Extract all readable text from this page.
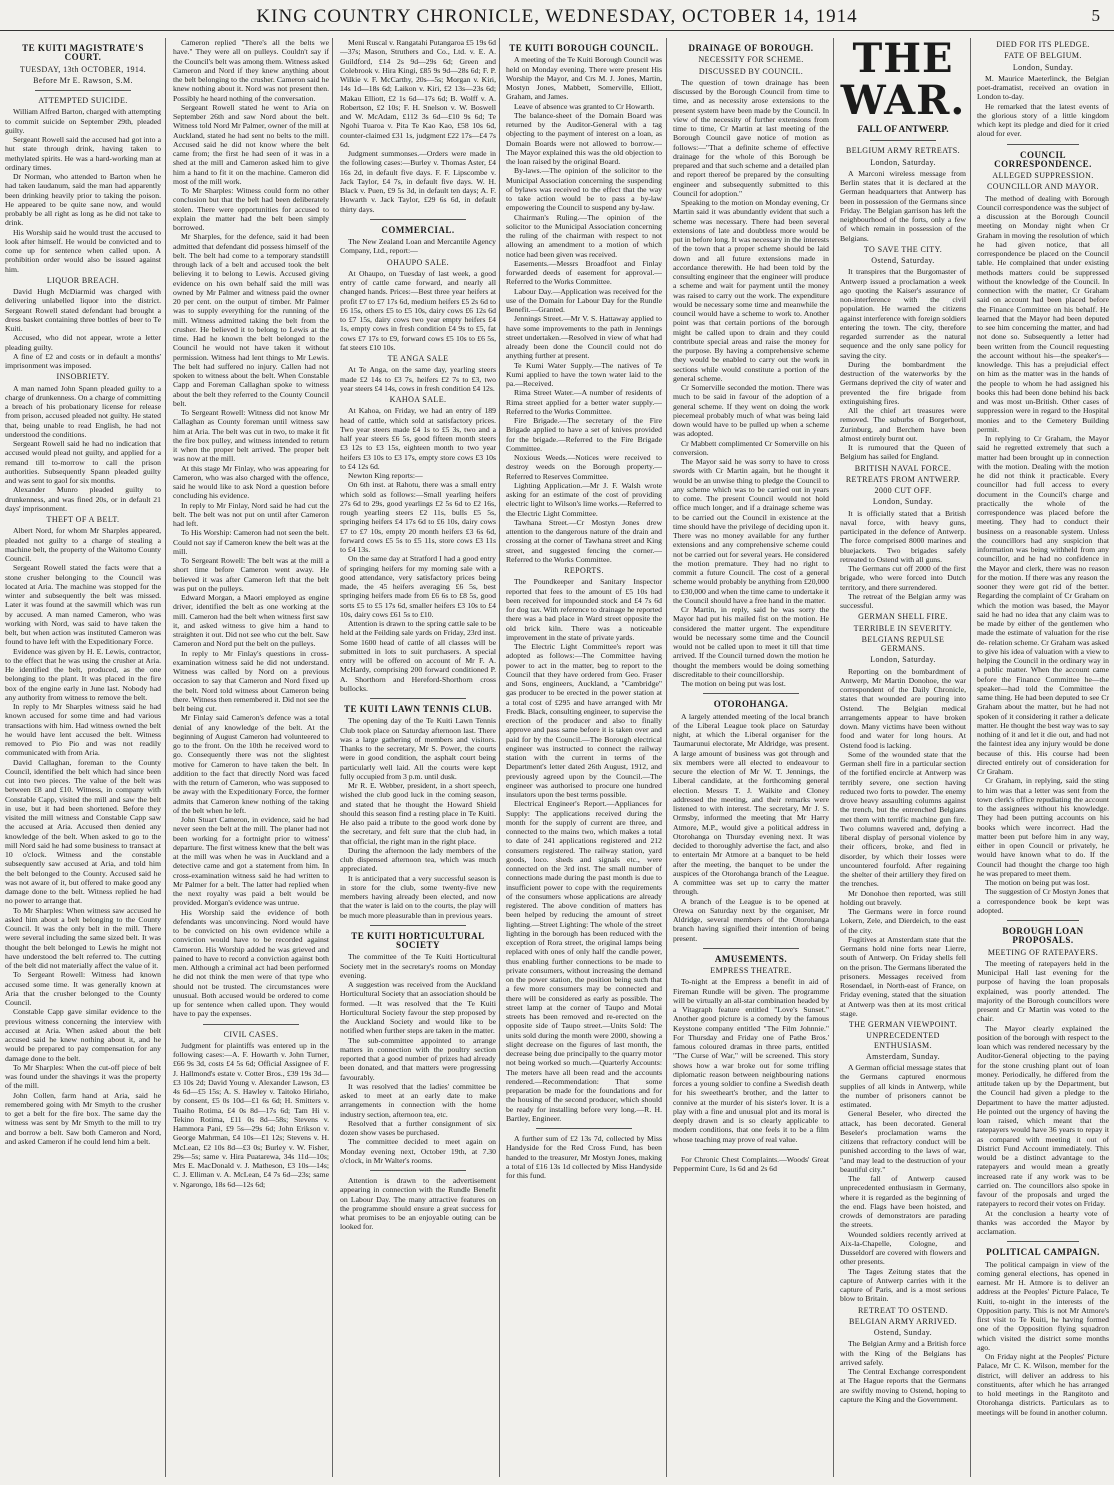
KING COUNTRY CHRONICLE, WEDNESDAY, OCTOBER 14, 1914	5
TE KUITI MAGISTRATE'S COURT.
TUESDAY, 13th OCTOBER, 1914.
Before Mr E. Rawson, S.M.
ATTEMPTED SUICIDE.

William Alfred Barton, charged with attempting to commit suicide on September 29th, pleaded guilty.

Sergeant Rowell said the accused had got into a hut state through drink, having taken to methylated spirits. He was a hard-working man at ordinary times.

Dr Norman, who attended to Barton when he had taken laudanum, said the man had apparently been drinking heavily prior to taking the poison. He appeared to be quite sane now, and would probably be all right as long as he did not take to drink.

His Worship said he would trust the accused to look after himself. He would be convicted and to come up for sentence when called upon. A prohibition order would also be issued against him.

LIQUOR BREACH.

David Hugh McDiarmid was charged with delivering unlabelled liquor into the district. Sergeant Rowell stated defendant had brought a dress basket containing three bottles of beer to Te Kuiti.

Accused, who did not appear, wrote a letter pleading guilty.

A fine of £2 and costs or in default a months' imprisonment was imposed.

INSOBRIETY.

A man named John Spann pleaded guilty to a charge of drunkenness. On a charge of committing a breach of his probationary license for release from prison, accused pleaded not guilty. He stated that, being unable to read English, he had not understood the conditions.

Sergeant Rowell said he had no indication that accused would plead not guilty, and applied for a remand till to-morrow to call the prison authorities. Subsequently Spann pleaded guilty and was sent to gaol for six months.

Alexander Munro pleaded guilty to drunkenness, and was fined 20s, or in default 21 days' imprisonment.

THEFT OF A BELT.

Albert Nord, for whom Mr Sharples appeared, pleaded not guilty to a charge of stealing a machine belt, the property of the Waitomo County Council.

Sergeant Rowell stated the facts were that a stone crusher belonging to the Council was located at Aria. The machine was stopped for the winter and subsequently the belt was missed. Later it was found at the sawmill which was run by accused. A man named Cameron, who was working with Nord, was said to have taken the belt, but when action was instituted Cameron was found to have left with the Expeditionary Force.

Evidence was given by H. E. Lewis, contractor, to the effect that he was using the crusher at Aria. He identified the belt, produced, as the one belonging to the plant. It was placed in the fire box of the engine early in June last. Nobody had any authority from witness to remove the belt.

In reply to Mr Sharples witness said he had known accused for some time and had various transactions with him. Had witness owned the belt he would have lent accused the belt. Witness removed to Pio Pio and was not readily communicated with from Aria.

David Callaghan, foreman to the County Council, identified the belt which had since been cut into two pieces. The value of the belt was between £8 and £10. Witness, in company with Constable Capp, visited the mill and saw the belt in use, but it had been shortened. Before they visited the mill witness and Constable Capp saw the accused at Aria. Accused then denied any knowledge of the belt. When asked to go to the mill Nord said he had some business to transact at 10 o'clock. Witness and the constable subsequently saw accused at Aria, and told him the belt belonged to the County. Accused said he was not aware of it, but offered to make good any damage done to the belt. Witness replied he had no power to arrange that.

To Mr Sharples: When witness saw accused he asked him about a belt belonging to the County Council. It was the only belt in the mill. There were several including the same sized belt. It was thought the belt belonged to Lewis he might not have understood the belt referred to. The cutting of the belt did not materially affect the value of it.

To Sergeant Rowell: Witness had known accused some time. It was generally known at Aria that the crusher belonged to the County Council.

Constable Capp gave similar evidence to the previous witness concerning the interview with accused at Aria. When asked about the belt accused said he knew nothing about it, and he would be prepared to pay compensation for any damage done to the belt.

To Mr Sharples: When the cut-off piece of belt was found under the shavings it was the property of the mill.

John Collen, farm hand at Aria, said he remembered going with Mr Smyth to the crusher to get a belt for the fire box. The same day the witness was sent by Mr Smyth to the mill to try and borrow a belt. Saw both Cameron and Nord, and asked Cameron if he could lend him a belt.

Cameron replied "There's all the belts we have." They were all on pulleys. Couldn't say if the Council's belt was among them. Witness asked Cameron and Nord if they knew anything about the belt belonging to the crusher. Cameron said he knew nothing about it. Nord was not present then. Possibly he heard nothing of the conversation.

Sergeant Rowell stated he went to Aria on September 26th and saw Nord about the belt. Witness told Nord Mr Palmer, owner of the mill at Auckland, stated he had sent no belts to the mill. Accused said he did not know where the belt came from; the first he had seen of it was in a shed at the mill and Cameron asked him to give him a hand to fit it on the machine. Cameron did most of the mill work.

To Mr Sharples: Witness could form no other conclusion but that the belt had been deliberately stolen. There were opportunities for accused to explain the matter had the belt been simply borrowed.

Mr Sharples, for the defence, said it had been admitted that defendant did possess himself of the belt. The belt had come to a temporary standstill through lack of a belt and accused took the belt believing it to belong to Lewis. Accused giving evidence on his own behalf said the mill was owned by Mr Palmer and witness paid the owner 20 per cent. on the output of timber. Mr Palmer was to supply everything for the running of the mill. Witness admitted taking the belt from the crusher. He believed it to belong to Lewis at the time. Had he known the belt belonged to the Council he would not have taken it without permission. Witness had lent things to Mr Lewis. The belt had suffered no injury. Callen had not spoken to witness about the belt. When Constable Capp and Foreman Callaghan spoke to witness about the belt they referred to the County Council belt.

To Sergeant Rowell: Witness did not know Mr Callaghan as County foreman until witness saw him at Aria. The belt was cut in two, to make it fit the fire box pulley, and witness intended to return it when the proper belt arrived. The proper belt was now at the mill.

At this stage Mr Finlay, who was appearing for Cameron, who was also charged with the offence, said he would like to ask Nord a question before concluding his evidence.

In reply to Mr Finlay, Nord said he had cut the belt. The belt was not put on until after Cameron had left.

To His Worship: Cameron had not seen the belt. Could not say if Cameron knew the belt was at the mill.

To Sergeant Rowell: The belt was at the mill a short time before Cameron went away. He believed it was after Cameron left that the belt was put on the pulleys.

Edward Morgan, a Maori employed as engine driver, identified the belt as one working at the mill. Cameron had the belt when witness first saw it, and asked witness to give him a hand to straighten it out. Did not see who cut the belt. Saw Cameron and Nord put the belt on the pulleys.

In reply to Mr Finlay's questions in cross-examination witness said he did not understand. Witness was called by Nord on a previous occasion to say that Cameron and Nord fixed up the belt. Nord told witness about Cameron being there. Witness then remembered it. Did not see the belt being cut.

Mr Finlay said Cameron's defence was a total denial of any knowledge of the belt. At the beginning of August Cameron had volunteered to go to the front. On the 10th he received word to go. Consequently there was not the slightest motive for Cameron to have taken the belt. In addition to the fact that directly Nord was faced with the return of Cameron, who was supposed to be away with the Expeditionary Force, the former admits that Cameron knew nothing of the taking of the belt when he left.

John Stuart Cameron, in evidence, said he had never seen the belt at the mill. The planer had not been working for a fortnight prior to witness' departure. The first witness knew that the belt was at the mill was when he was in Auckland and a detective came and got a statement from him. In cross-examination witness said he had written to Mr Palmer for a belt. The latter had replied when the next royalty was paid a belt would be provided. Morgan's evidence was untrue.

His Worship said the evidence of both defendants was unconvincing. Nord would have to be convicted on his own evidence while a conviction would have to be recorded against Cameron. His Worship added he was grieved and pained to have to record a conviction against both men. Although a criminal act had been performed he did not think the men were of that type who should not be trusted. The circumstances were unusual. Both accused would be ordered to come up for sentence when called upon. They would have to pay the expenses.

CIVIL CASES.

Judgment for plaintiffs was entered up in the following cases:—A. F. Howarth v. John Turner, £66 9s 3d, costs £4 5s 6d; Official Assignee of F. J. Hallmond's estate v. Cotter Bros., £39 19s 3d—£3 10s 2d; David Young v. Alexander Lawson, £3 4s 6d—£5 15s; A. S. Hawley v. Taitoko Hiriaho, by consent, £5 0s 10d—£1 6s 6d; H. Smitters v. Tuaiho Rotima, £4 0s 8d—17s 6d; Tam Hi v. Tekino Rotima, £11 0s 8d—58s; Stevens v. Hammora Pani, £9 5s—29s 6d; John Erikson v. George Mahrman, £4 10s—£1 12s; Stevens v. H. McLean, £2 10s 8d—£3 0s; Burley v. W. Fisher, 29s—5s; same v. Hira Puatarewa, 34s 11d—10s; Mrs E. MacDonald v. J. Matheson, £3 10s—14s; C. J. Elliman v. A. McLean, £4 7s 6d—23s; same v. Ngarongo, 18s 6d—12s 6d;

Meni Ruscal v. Rangatahi Putangaroa £5 19s 6d—37s; Mason, Struthers and Co., Ltd. v. E. A. Guildford, £14 2s 9d—29s 6d; Green and Colebrook v. Hira Kingi, £85 9s 9d—28s 6d; F. P. Wilkie v. F. McCarthy, 20s—5s; Morgan v. Kiri, 14s 1d—18s 6d; Laikon v. Kiri, £2 13s—23s 6d; Makau Elliott, £2 1s 6d—17s 6d; B. Wolff v. A. Robertson, £2 10s; F. H. Snelson v. W. Boswell and W. McAdam, £112 3s 6d—£10 9s 6d; Te Ngohi Tuaroa v. Pita Te Kao Kao, £58 10s 6d, counter-claimed £31 1s, judgment £22 17s—£4 7s 6d.

Judgment summonses.—Orders were made in the following cases:—Burley v. Thomas Aster, £4 16s 2d, in default five days. F. F. Lipscombe v. Jack Taylor, £4 7s, in default five days. W. H. Black v. Puen, £9 5s 3d, in default ten days; A. F. Howarth v. Jack Taylor, £29 6s 6d, in default thirty days.

COMMERCIAL.

The New Zealand Loan and Mercantile Agency Company, Ltd., report:—

OHAUPO SALE.

At Ohaupo, on Tuesday of last week, a good entry of cattle came forward, and nearly all changed hands. Prices:—Best three year heifers at profit £7 to £7 17s 6d, medium heifers £5 2s 6d to £6 15s, others £5 to £5 10s, dairy cows £6 12s 6d to £7 15s, dairy cows two year empty heifers £4 1s, empty cows in fresh condition £4 9s to £5, fat cows £7 17s to £9, forward cows £5 10s to £6 5s, fat steers £10 10s.

TE ANGA SALE

At Te Anga, on the same day, yearling steers made £2 14s to £3 7s, heifers £2 7s to £3, two year steers £4 14s, cows in fresh condition £4 12s.

KAHOA SALE.

At Kahoa, on Friday, we had an entry of 189 head of cattle, which sold at satisfactory prices. Two year steers made £4 1s to £5 3s, two and a half year steers £6 5s, good fifteen month steers £3 12s to £3 15s, eighteen month to two year heifers £3 10s to £3 17s, empty store cows £3 10s to £4 12s 6d.

Newton King reports:—

On 6th inst. at Rahotu, there was a small entry which sold as follows:—Small yearling heifers 27s 6d to 29s, good yearlings £2 5s 6d to £2 16s, rough yearling steers £2 11s, bulls £5 5s, springing heifers £4 17s 6d to £6 10s, dairy cows £7 to £7 10s, empty 20 month heifers £3 6s 6d, forward cows £5 5s to £5 11s, store cows £3 11s to £4 13s.

On the same day at Stratford I had a good entry of springing heifers for my morning sale with a good attendance, very satisfactory prices being made, the 45 heifers averaging £6 5s, best springing heifers made from £6 6s to £8 5s, good sorts £5 to £5 17s 6d, smaller heifers £3 10s to £4 10s, dairy cows £61 5s to £10.

Attention is drawn to the spring cattle sale to be held at the Feilding sale yards on Friday, 23rd inst. Some 1600 head of cattle of all classes will be submitted in lots to suit purchasers. A special entry will be offered on account of Mr F. A. McHardy, comprising 200 forward conditioned P. A. Shorthorn and Hereford-Shorthorn cross bullocks.

TE KUITI LAWN TENNIS CLUB.

The opening day of the Te Kuiti Lawn Tennis Club took place on Saturday afternoon last. There was a large gathering of members and visitors. Thanks to the secretary, Mr S. Power, the courts were in good condition, the asphalt court being particularly well laid. All the courts were kept fully occupied from 3 p.m. until dusk.

Mr R. E. Webber, president, in a short speech, wished the club good luck in the coming season, and stated that he thought the Howard Shield should this season find a resting place in Te Kuiti. He also paid a tribute to the good work done by the secretary, and felt sure that the club had, in that official, the right man in the right place.

During the afternoon the lady members of the club dispensed afternoon tea, which was much appreciated.

It is anticipated that a very successful season is in store for the club, some twenty-five new members having already been elected, and now that the water is laid on to the courts, the play will be much more pleasurable than in previous years.

TE KUITI HORTICULTURAL SOCIETY

The committee of the Te Kuiti Horticultural Society met in the secretary's rooms on Monday evening.

A suggestion was received from the Auckland Horticultural Society that an association should be formed. —It was resolved that the Te Kuiti Horticultural Society favour the step proposed by the Auckland Society and would like to be notified when further steps are taken in the matter.

The sub-committee appointed to arrange matters in connection with the poultry section reported that a good number of prizes had already been donated, and that matters were progressing favourably.

It was resolved that the ladies' committee be asked to meet at an early date to make arrangements in connection with the home industry section, afternoon tea, etc.

Resolved that a further consignment of six dozen show vases be purchased.

The committee decided to meet again on Monday evening next, October 19th, at 7.30 o'clock, in Mr Walter's rooms.

Attention is drawn to the advertisement appearing in connection with the Rundle Benefit on Labour Day. The many attractive features on the programme should ensure a great success for what promises to be an enjoyable outing can be looked for.

TE KUITI BOROUGH COUNCIL.

A meeting of the Te Kuiti Borough Council was held on Monday evening. There were present His Worship the Mayor, and Crs M. J. Jones, Martin, Mostyn Jones, Mabbett, Somerville, Elliott, Graham, and James.

Leave of absence was granted to Cr Howarth.

The balance-sheet of the Domain Board was returned by the Auditor-General with a tag objecting to the payment of interest on a loan, as Domain Boards were not allowed to borrow.—The Mayor explained this was the old objection to the loan raised by the original Board.

By-laws.—The opinion of the solicitor to the Municipal Association concerning the suspending of bylaws was received to the effect that the way to take action would be to pass a by-law empowering the Council to suspend any by-law.

Chairman's Ruling.—The opinion of the solicitor to the Municipal Association concerning the ruling of the chairman with respect to not allowing an amendment to a motion of which notice had been given was received.

Easements.—Messrs Broadfoot and Finlay forwarded deeds of easement for approval.—Referred to the Works Committee.

Labour Day.—Application was received for the use of the Domain for Labour Day for the Rundle Benefit.—Granted.

Jennings Street.—Mr V. S. Hattaway applied to have some improvements to the path in Jennings street undertaken.—Resolved in view of what had already been done the Council could not do anything further at present.

Te Kumi Water Supply.—The natives of Te Kumi applied to have the town water laid to the pa.—Received.

Rima Street Water.—A number of residents of Rima street applied for a better water supply.—Referred to the Works Committee.

Fire Brigade.—The secretary of the Fire Brigade applied to have a set of knives provided for the brigade.—Referred to the Fire Brigade Committee.

Noxious Weeds.—Notices were received to destroy weeds on the Borough property.—Referred to Reserves Committee.

Lighting Application.—Mr J. F. Walsh wrote asking for an estimate of the cost of providing electric light to Wilson's lime works.—Referred to the Electric Light Committee.

Tawhana Street.—Cr Mostyn Jones drew attention to the dangerous nature of the drain and crossing at the corner of Tawhana street and King street, and suggested fencing the corner.—Referred to the Works Committee.

REPORTS.

The Poundkeeper and Sanitary Inspector reported that fees to the amount of £5 10s had been received for impounded stock and £4 7s 6d for dog tax. With reference to drainage he reported there was a bad place in Ward street opposite the old brick kiln. There was a noticeable improvement in the state of private yards.

The Electric Light Committee's report was adopted as follows:—The Committee having power to act in the matter, beg to report to the Council that they have ordered from Geo. Fraser and Sons, engineers, Auckland, a "Cambridge" gas producer to be erected in the power station at a total cost of £295 and have arranged with Mr Fredk. Black, consulting engineer, to supervise the erection of the producer and also to finally approve and pass same before it is taken over and paid for by the Council.—The Borough electrical engineer was instructed to connect the railway station with the current in terms of the Department's letter dated 26th August, 1912, and previously agreed upon by the Council.—The engineer was authorised to procure one hundred insulators upon the best terms possible.

Electrical Engineer's Report.—Appliances for Supply: The applications received during the month for the supply of current are three, and connected to the mains two, which makes a total to date of 241 applications registered and 212 consumers registered. The railway station, yard goods, loco. sheds and signals etc., were connected on the 3rd inst. The small number of connections made during the past month is due to insufficient power to cope with the requirements of the consumers whose applications are already registered. The above condition of matters has been helped by reducing the amount of street lighting.—Street Lighting: The whole of the street lighting in the borough has been reduced with the exception of Rora street, the original lamps being replaced with ones of only half the candle power, thus enabling further connections to be made to private consumers, without increasing the demand on the power station, the position being such that a few more consumers may be connected and there will be considered as early as possible. The street lamp at the corner of Taupo and Motai streets has been removed and re-erected on the opposite side of Taupo street.—Units Sold: The units sold during the month were 2000, showing a slight decrease on the figures of last month, the decrease being due principally to the quarry motor not being worked so much.—Quarterly Accounts: The meters have all been read and the accounts rendered.—Recommendation: That some preparation be made for the foundations and for the housing of the second producer, which should be ready for installing before very long.—R. H. Bartley, Engineer.

A further sum of £2 13s 7d, collected by Miss Handyside for the Red Cross Fund, has been handed to the treasurer, Mr Mostyn Jones, making a total of £16 13s 1d collected by Miss Handyside for this fund.

DRAINAGE OF BOROUGH.
NECESSITY FOR SCHEME.
DISCUSSED BY COUNCIL.

The question of town drainage has been discussed by the Borough Council from time to time, and as necessity arose extensions to the present system have been made by the Council. In view of the necessity of further extensions from time to time, Cr Martin at last meeting of the Borough Council gave notice of motion as follows:—"That a definite scheme of effective drainage for the whole of this Borough be prepared and that such scheme and a detailed plan and report thereof be prepared by the consulting engineer and subsequently submitted to this Council for adoption."

Speaking to the motion on Monday evening, Cr Martin said it was abundantly evident that such a scheme was necessary. There had been several extensions of late and doubtless more would be put in before long. It was necessary in the interests of the town that a proper scheme should be laid down and all future extensions made in accordance therewith. He had been told by the consulting engineer that the engineer will produce a scheme and wait for payment until the money was raised to carry out the work. The expenditure would be necessary some time and meanwhile the council would have a scheme to work to. Another point was that certain portions of the borough might be called upon to drain and they could contribute special areas and raise the money for the purpose. By having a comprehensive scheme they would be enabled to carry out the work in sections while would constitute a portion of the general scheme.

Cr Somerville seconded the motion. There was much to be said in favour of the adoption of a general scheme. If they went on doing the work piecemeal probably much of what was being laid down would have to be pulled up when a scheme was adopted.

Cr Mabbett complimented Cr Somerville on his conversion.

The Mayor said he was sorry to have to cross swords with Cr Martin again, but he thought it would be an unwise thing to pledge the Council to any scheme which was to be carried out in years to come. The present Council would not hold office much longer, and if a drainage scheme was to be carried out the Council in existence at the time should have the privilege of deciding upon it. There was no money available for any further extensions and any comprehensive scheme could not be carried out for several years. He considered the motion premature. They had no right to commit a future Council. The cost of a general scheme would probably be anything from £20,000 to £30,000 and when the time came to undertake it the Council should have a free hand in the matter.

Cr Martin, in reply, said he was sorry the Mayor had put his mailed fist on the motion. He considered the matter urgent. The expenditure would be necessary some time and the Council would not be called upon to meet it till that time arrived. If the Council turned down the motion he thought the members would be doing something discreditable to their councillorship.

The motion on being put was lost.

OTOROHANGA.

A largely attended meeting of the local branch of the Liberal League took place on Saturday night, at which the Liberal organiser for the Taumarunui electorate, Mr Aldridge, was present. A large amount of business was got through and six members were all elected to endeavour to secure the election of Mr W. T. Jennings, the Liberal candidate, at the forthcoming general election. Messrs T. J. Waikite and Cloney addressed the meeting, and their remarks were listened to with interest. The secretary, Mr J. S. Ormsby, informed the meeting that Mr Harry Atmore, M.P., would give a political address in Otorohanga on Thursday evening next. It was decided to thoroughly advertise the fact, and also to entertain Mr Atmore at a banquet to be held after the meeting, the banquet to be under the auspices of the Otorohanga branch of the League. A committee was set up to carry the matter through.

A branch of the League is to be opened at Orewa on Saturday next by the organiser, Mr Aldridge, several members of the Otorohanga branch having signified their intention of being present.

AMUSEMENTS.
EMPRESS THEATRE.

To-night at the Empress a benefit in aid of Fireman Rundle will be given. The programme will be virtually an all-star combination headed by a Vitagraph feature entitled "Love's Sunset." Another good picture is a comedy by the famous Keystone company entitled "The Film Johnnie." For Thursday and Friday one of Pathe Bros.' famous coloured dramas in three parts, entitled "The Curse of War," will be screened. This story shows how a war broke out for some trifling diplomatic reason between neighbouring nations forces a young soldier to confine a Swedish death for his sweetheart's brother, and the latter to connive at the murder of his sister's lover. It is a play with a fine and unusual plot and its moral is deeply drawn and is so clearly applicable to modern conditions, that one feels it to be a film whose teaching may prove of real value.

For Chronic Chest Complaints.—Woods' Great Peppermint Cure, 1s 6d and 2s 6d

THE WAR.
FALL OF ANTWERP.
BELGIUM ARMY RETREATS.
London, Saturday.

A Marconi wireless message from Berlin states that it is declared at the German headquarters that Antwerp has been in possession of the Germans since Friday. The Belgian garrison has left the neighbourhood of the forts, only a few of which remain in possession of the Belgians.

TO SAVE THE CITY.
Ostend, Saturday.

It transpires that the Burgomaster of Antwerp issued a proclamation a week ago quoting the Kaiser's assurance of non-interference with the civil population. He warned the citizens against interference with foreign soldiers entering the town. The city, therefore regarded surrender as the natural sequence and the only sane policy for saving the city.

During the bombardment the destruction of the waterworks by the Germans deprived the city of water and prevented the fire brigade from extinguishing fires.

All the chief art treasures were removed. The suburbs of Borgerhout, Zurinburg, and Berchem have been almost entirely burnt out.

It is rumoured that the Queen of Belgium has sailed for England.

BRITISH NAVAL FORCE.
RETREATS FROM ANTWERP.
2000 CUT OFF.
London, Sunday.

It is officially stated that a British naval force, with heavy guns, participated in the defence of Antwerp. The force comprised 8000 marines and bluejackets. Two brigades safely retreated to Ostend with all guns.

The Germans cut off 2000 of the first brigade, who were forced into Dutch territory, and there surrendered.

The retreat of the Belgian army was successful.

GERMAN SHELL FIRE.
TERRIBLE IN SEVERITY.
BELGIANS REPULSE GERMANS.
London, Saturday.

Reporting on the bombardment of Antwerp, Mr Martin Donohoe, the war correspondent of the Daily Chronicle, states that wounded are pouring into Ostend. The Belgian medical arrangements appear to have broken down. Many victims have been without food and water for long hours. At Ostend food is lacking.

Some of the wounded state that the German shell fire in a particular section of the fortified encircle at Antwerp was terribly severe, one section having reduced two forts to powder. The enemy drove heavy assaulting columns against the trench, but the entrenched Belgians met them with terrific machine gun fire. Two columns wavered and, defying a liberal display of personal violence by their officers, broke, and fled in disorder, by which their losses were uncountered fourfold. After regaining the shelter of their artillery they fired on the trenches.

Mr Donohoe then reported, was still holding out bravely.

The Germans were in force round Lokern, Zele, and Dierdeich, to the east of the city.

Fugitives at Amsterdam state that the Germans hold nine forts near Lierre, south of Antwerp. On Friday shells fell on the prison. The Germans liberated the prisoners. Messages received from Rosendael, in North-east of France, on Friday evening, stated that the situation at Antwerp was then at its most critical stage.

THE GERMAN VIEWPOINT.
UNPRECEDENTED ENTHUSIASM.
Amsterdam, Sunday.

A German official message states that the Germans captured enormous supplies of all kinds in Antwerp, while the number of prisoners cannot be estimated.

General Beseler, who directed the attack, has been decorated. General Beseler's proclamation warns the citizens that refractory conduct will be punished according to the laws of war, "and may lead to the destruction of your beautiful city."

The fall of Antwerp caused unprecedented enthusiasm in Germany, where it is regarded as the beginning of the end. Flags have been hoisted, and crowds of demonstrators are parading the streets.

Wounded soldiers recently arrived at Aix-la-Chapelle, Cologne, and Dusseldorf are covered with flowers and other presents.

The Tages Zeitung states that the capture of Antwerp carries with it the capture of Paris, and is a most serious blow to Britain.

RETREAT TO OSTEND.
BELGIAN ARMY ARRIVED.
Ostend, Sunday.

The Belgian Army and a British force with the King of the Belgians has arrived safely.

The Central Exchange correspondent at The Hague reports that the Germans are swiftly moving to Ostend, hoping to capture the King and the Government.

DIED FOR ITS PLEDGE.
FATE OF BELGIUM.
London, Sunday.

M. Maurice Maeterlinck, the Belgian poet-dramatist, received an ovation in London to-day.

He remarked that the latest events of the glorious story of a little kingdom which kept its pledge and died for it cried aloud for ever.

COUNCIL CORRESPONDENCE.
ALLEGED SUPPRESSION.
COUNCILLOR AND MAYOR.

The method of dealing with Borough Council correspondence was the subject of a discussion at the Borough Council meeting on Monday night when Cr Graham in moving the resolution of which he had given notice, that all correspondence be placed on the Council table. He complained that under existing methods matters could be suppressed without the knowledge of the Council. In connection with the matter, Cr Graham said on account had been placed before the Finance Committee on his behalf. He learned that the Mayor had been deputed to see him concerning the matter, and had not done so. Subsequently a letter had been written from the Council requesting the account without his—the speaker's—knowledge. This has a prejudicial effect on him as the matter was in the hands of the people to whom he had assigned his books this had been done behind his back and was most un-British. Other cases of suppression were in regard to the Hospital monies and to the Cemetery Building permit.

In replying to Cr Graham, the Mayor said he regretted extremely that such a matter had been brought up in connection with the motion. Dealing with the motion he did not think it practicable. Every councillor had full access to every document in the Council's charge and practically the whole of the correspondence was placed before the meeting. They had to conduct their business on a reasonable system. Unless the councillors had any suspicion that information was being withheld from any councillor, and he had no confidence in the Mayor and clerk, there was no reason for the motion. If there was any reason the sooner they were got rid of the better. Regarding the complaint of Cr Graham on which the motion was based, the Mayor said he had no idea that any claim was to be made by either of the gentlemen who made the estimate of valuation for the rise de- relation scheme. Cr Graham was asked to give his idea of valuation with a view to helping the Council in the ordinary way in a public matter. When the account came before the Finance Committee he—the speaker—had told the Committee the same thing. He had been deputed to see Cr Graham about the matter, but he had not spoken of it considering it rather a delicate matter. He thought the best way was to say nothing of it and let it die out, and had not the faintest idea any injury would be done because of this. His course had been directed entirely out of consideration for Cr Graham.

Cr Graham, in replying, said the sting to him was that a letter was sent from the town clerk's office repudiating the account to the assignees without his knowledge. They had been putting accounts on his books which were incorrect. Had the matter been put before him in any way, either in open Council or privately, he would have known what to do. If the Council had thought the charge too high he was prepared to meet them.

The motion on being put was lost.

The suggestion of Cr Mostyn Jones that a correspondence book be kept was adopted.

BOROUGH LOAN PROPOSALS.
MEETING OF RATEPAYERS.

The meeting of ratepayers held in the Municipal Hall last evening for the purpose of having the loan proposals explained, was poorly attended. The majority of the Borough councillors were present and Cr Martin was voted to the chair.

The Mayor clearly explained the position of the borough with respect to the loan which was rendered necessary by the Auditor-General objecting to the paying for the stone crushing plant out of loan money. Periodically, he differed from the attitude taken up by the Department, but the Council had given a pledge to the Department to have the matter adjusted. He pointed out the urgency of having the loan raised, which meant that the ratepayers would have 36 years to repay it as compared with meeting it out of District Fund Account immediately. This would be a distinct advantage to the ratepayers and would mean a greatly increased rate if any work was to be carried on. The councillors also spoke in favour of the proposals and urged the ratepayers to record their votes on Friday.

At the conclusion a hearty vote of thanks was accorded the Mayor by acclamation.

POLITICAL CAMPAIGN.

The political campaign in view of the coming general elections, has opened in earnest. Mr H. Atmore is to deliver an address at the Peoples' Picture Palace, Te Kuiti, to-night in the interests of the Opposition party. This is not Mr Atmore's first visit to Te Kuiti, he having formed one of the Opposition flying squadron which visited the district some months ago.

On Friday night at the Peoples' Picture Palace, Mr C. K. Wilson, member for the district, will deliver an address to his constituents, after which he has arranged to hold meetings in the Rangitoto and Otorohanga districts. Particulars as to meetings will be found in another column.
